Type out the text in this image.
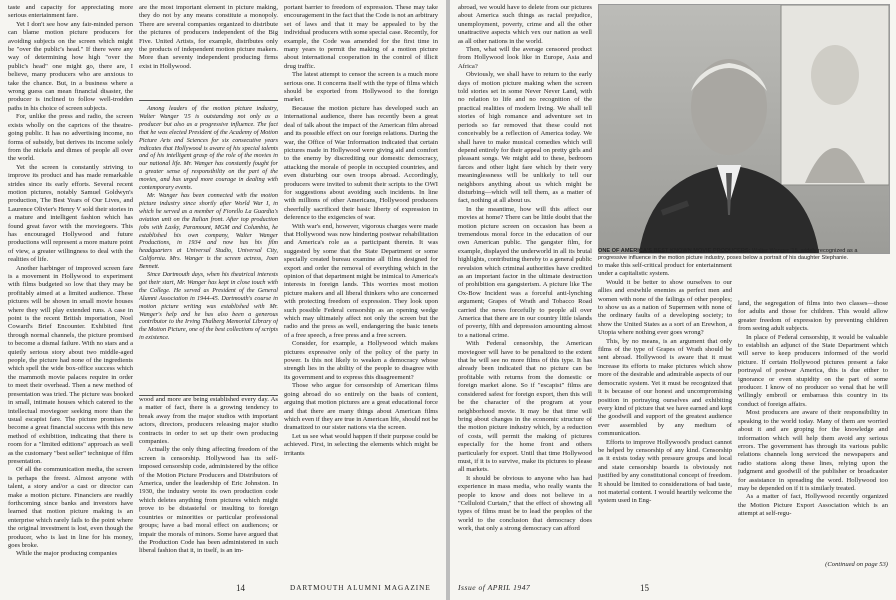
taste and capacity for appreciating more serious entertainment fare.

Yet I don't see how any fair-minded person can blame motion picture producers for avoiding subjects on the screen which might be "over the public's head." If there were any way of determining how high "over the public's head" one might go, there are, I believe, many producers who are anxious to take the chance. But, in a business where a wrong guess can mean financial disaster, the producer is inclined to follow well-trodden paths in his choice of screen subjects.

For, unlike the press and radio, the screen exists wholly on the caprices of the theatre-going public. It has no advertising income, no forms of subsidy, but derives its income solely from the nickels and dimes of people all over the world.

Yet the screen is constantly striving to improve its product and has made remarkable strides since its early efforts. Several recent motion pictures, notably Samuel Goldwyn's production, The Best Years of Our Lives, and Laurence Olivier's Henry V sold their stories in a mature and intelligent fashion which has found great favor with the moviegoers. This has encouraged Hollywood and future productions will represent a more mature point of view, a greater willingness to deal with the realities of life.

Another harbinger of improved screen fare is a movement in Hollywood to experiment with films budgeted so low that they may be profitably aimed at a limited audience. These pictures will be shown in small movie houses where they will play extended runs. A case in point is the recent British importation, Noel Coward's Brief Encounter. Exhibited first through normal channels, the picture promised to become a dismal failure. With no stars and a quietly serious story about two middle-aged people, the picture had none of the ingredients which spell the wide box-office success which the mammoth movie palaces require in order to meet their overhead. Then a new method of presentation was tried. The picture was booked in small, intimate houses which catered to the intellectual moviegoer seeking more than the usual escapist fare. The picture promises to become a great financial success with this new method of exhibition, indicating that there is room for a "limited editions" approach as well as the customary "best seller" technique of film presentation.

Of all the communication media, the screen is perhaps the freest. Almost anyone with talent, a story and/or a cast or director can make a motion picture. Financiers are readily forthcoming since banks and investors have learned that motion picture making is an enterprise which rarely fails to the point where the original investment is lost, even though the producer, who is last in line for his money, goes broke.

While the major producing companies

are the most important element in picture making, they do not by any means constitute a monopoly. There are several companies organized to distribute the pictures of producers independent of the Big Five. United Artists, for example, distributes only the products of independent motion picture makers. More than seventy independent producing firms exist in Hollywood.

Among leaders of the motion picture industry, Walter Wanger '15 is outstanding not only as a producer but also as a progressive influence. The fact that he was elected President of the Academy of Motion Picture Arts and Sciences for six consecutive years indicates that Hollywood is aware of his special talents and of his intelligent grasp of the role of the movies in our national life. Mr. Wanger has constantly fought for a greater sense of responsibility on the part of the movies, and has urged more courage in dealing with contemporary events.

Mr. Wanger has been connected with the motion picture industry since shortly after World War I, in which he served as a member of Fiorello La Guardia's aviation unit on the Italian front. After top production jobs with Lasky, Paramount, MGM and Columbia, he established his own company, Walter Wanger Productions, in 1934 and now has his film headquarters at Universal Studio, Universal City, California. Mrs. Wanger is the screen actress, Joan Bennett.

Since Dartmouth days, when his theatrical interests got their start, Mr. Wanger has kept in close touch with the College. He served as President of the General Alumni Association in 1944-45. Dartmouth's course in motion picture writing was established with Mr. Wanger's help and he has also been a generous contributor to the Irving Thalberg Memorial Library of the Motion Picture, one of the best collections of scripts in existence.

wood and more are being established every day. As a matter of fact, there is a growing tendency to break away from the major studios with important actors, directors, producers releasing major studio contracts in order to set up their own producing companies.

Actually the only thing affecting freedom of the screen is censorship. Hollywood has its self-imposed censorship code, administered by the office of the Motion Picture Producers and Distributors of America, under the leadership of Eric Johnston. In 1930, the industry wrote its own production code which deletes anything from pictures which might prove to be distasteful or insulting to foreign countries or minorities or particular professional groups; have a bad moral effect on audiences; or impair the morals of minors. Some have argued that the Production Code has been administered in such liberal fashion that it, in itself, is an im-

portant barrier to freedom of expression. These may take encouragement in the fact that the Code is not an arbitrary set of laws and that it may be appealed to by the individual producers with some special case. Recently, for example, the Code was amended for the first time in many years to permit the making of a motion picture about international cooperation in the control of illicit drug traffic.

The latest attempt to censor the screen is a much more serious one. It concerns itself with the type of films which should be exported from Hollywood to the foreign market.

Because the motion picture has developed such an international audience, there has recently been a great deal of talk about the impact of the American film abroad and its possible effect on our foreign relations. During the war, the Office of War Information indicated that certain pictures made in Hollywood were giving aid and comfort to the enemy by discrediting our domestic democracy, attacking the morale of people in occupied countries, and even disturbing our own troops abroad. Accordingly, producers were invited to submit their scripts to the OWI for suggestions about avoiding such incidents. In line with millions of other Americans, Hollywood producers cheerfully sacrificed their basic liberty of expression in deference to the exigencies of war.

With war's end, however, vigorous charges were made that Hollywood was now hindering postwar rehabilitation and America's role as a participant therein. It was suggested by some that the State Department or some specially created bureau examine all films designed for export and order the removal of everything which in the opinion of that department might be inimical to America's interests in foreign lands. This worries most motion picture makers and all liberal thinkers who are concerned with protecting freedom of expression. They look upon such possible Federal censorship as an opening wedge which may ultimately affect not only the screen but the radio and the press as well, endangering the basic tenets of a free speech, a free press and a free screen.

Consider, for example, a Hollywood which makes pictures expressive only of the policy of the party in power. Is this not likely to weaken a democracy whose strength lies in the ability of the people to disagree with its government and to express this disagreement?

Those who argue for censorship of American films going abroad do so entirely on the basis of content, arguing that motion pictures are a great educational force and that there are many things about American films which even if they are true in American life, should not be dramatized to our sister nations via the screen.

Let us see what would happen if their purpose could be achieved. First, in selecting the elements which might be irritants

14	DARTMOUTH ALUMNI MAGAZINE

abroad, we would have to delete from our pictures about America such things as racial prejudice, unemployment, poverty, crime and all the other unattractive aspects which vex our nation as well as all other nations in the world.

Then, what will the average censored product from Hollywood look like in Europe, Asia and Africa?

Obviously, we shall have to return to the early days of motion picture making when the screen told stories set in some Never Never Land, with no relation to life and no recognition of the practical realities of modern living. We shall tell stories of high romance and adventure set in periods so far removed that these could not conceivably be a reflection of America today. We shall have to make musical comedies which will depend entirely for their appeal on pretty girls and pleasant songs. We might add to these, bedroom farces and other light fare which by their very meaninglessness will be unlikely to tell our neighbors anything about us which might be disturbing—which will tell them, as a matter of fact, nothing at all about us.

In the meantime, how will this affect our movies at home? There can be little doubt that the motion picture screen on occasion has been a tremendous moral force in the education of our own American public. The gangster film, for example, displayed the underworld in all its brutal highlights, contributing thereby to a general public revulsion which criminal authorities have credited as an important factor in the ultimate destruction of prohibition era gangsterism. A picture like The Ox-Bow Incident was a forceful anti-lynching argument; Grapes of Wrath and Tobacco Road carried the news forcefully to people all over America that there are in our country little islands of poverty, filth and depression amounting almost to a national crime.

With Federal censorship, the American moviegoer will have to be penalized to the extent that he will see no more films of this type. It has already been indicated that no picture can be profitable with returns from the domestic or foreign market alone. So if "escapist" films are considered safest for foreign export, then this will be the character of the program at your neighborhood movie. It may be that time will bring about changes in the economic structure of the motion picture industry which, by a reduction of costs, will permit the making of pictures especially for the home front and others particularly for export. Until that time Hollywood must, if it is to survive, make its pictures to please all markets.

It should be obvious to anyone who has had experience in mass media, who really wants the people to know and does not believe in a "Celluloid Curtain," that the effect of showing all types of films must be to lead the peoples of the world to the conclusion that democracy does work, that only a strong democracy can afford

to make this self-critical product for entertainment under a capitalistic system.

Would it be better to show ourselves to our allies and erstwhile enemies as perfect men and women with none of the failings of other peoples; to show us as a nation of Supermen with none of the ordinary faults of a developing society; to show the United States as a sort of an Erewhon, a Utopia where nothing ever goes wrong?

This, by no means, is an argument that only films of the type of Grapes of Wrath should be sent abroad. Hollywood is aware that it must increase its efforts to make pictures which show more of the desirable and admirable aspects of our democratic system. Yet it must be recognized that it is because of our honest and uncompromising position in portraying ourselves and exhibiting every kind of picture that we have earned and kept the goodwill and support of the greatest audience ever assembled by any medium of communication.

Efforts to improve Hollywood's product cannot be helped by censorship of any kind. Censorship as it exists today with pressure groups and local and state censorship boards is obviously not justified by any constitutional concept of freedom. It should be limited to considerations of bad taste, not material content. I would heartily welcome the system used in Eng-

land, the segregation of films into two classes—those for adults and those for children. This would allow greater freedom of expression by preventing children from seeing adult subjects.

In place of Federal censorship, it would be valuable to establish an adjunct of the State Department which will serve to keep producers informed of the world picture. If certain Hollywood pictures present a fake portrayal of postwar America, this is due either to ignorance or even stupidity on the part of some producer. I know of no producer so venal that he will willingly embroil or embarrass this country in its conduct of foreign affairs.

Most producers are aware of their responsibility in speaking to the world today. Many of them are worried about it and are groping for the knowledge and information which will help them avoid any serious errors. The government has through its various public relations channels long serviced the newspapers and radio stations along these lines, relying upon the judgment and goodwill of the publisher or broadcaster for assistance in spreading the word. Hollywood too may be depended on if it is similarly treated.

As a matter of fact, Hollywood recently organized the Motion Picture Export Association which is an attempt at self-regu-

Issue of APRIL 1947	15
(Continued on page 53)
ONE OF AMERICA'S BEST KNOWN MOVIE PRODUCERS: Walter Wanger '15, widely recognized as a progressive influence in the motion picture industry, poses below a portrait of his daughter Stephanie.
